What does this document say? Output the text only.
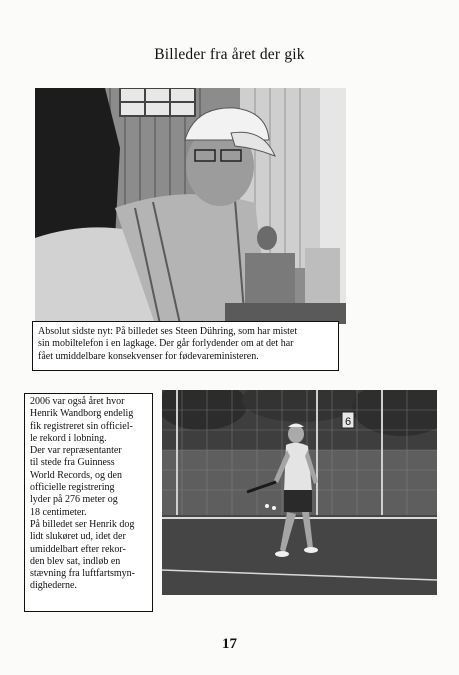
Billeder fra året der gik
Absolut sidste nyt: På billedet ses Steen Dühring, som har mistet
sin mobiltelefon i en lagkage. Der går forlydender om at det har
fået umiddelbare konsekvenser for fødevareministeren.
2006 var også året hvor
Henrik Wandborg endelig
fik registreret sin officiel-
le rekord i lobning.
Der var repræsentanter
til stede fra Guinness
World Records, og den
officielle registrering
lyder på 276 meter og
18 centimeter.
På billedet ser Henrik dog
lidt slukøret ud, idet der
umiddelbart efter rekor-
den blev sat, indløb en
stævning fra luftfartsmyn-
dighederne.
6
17
